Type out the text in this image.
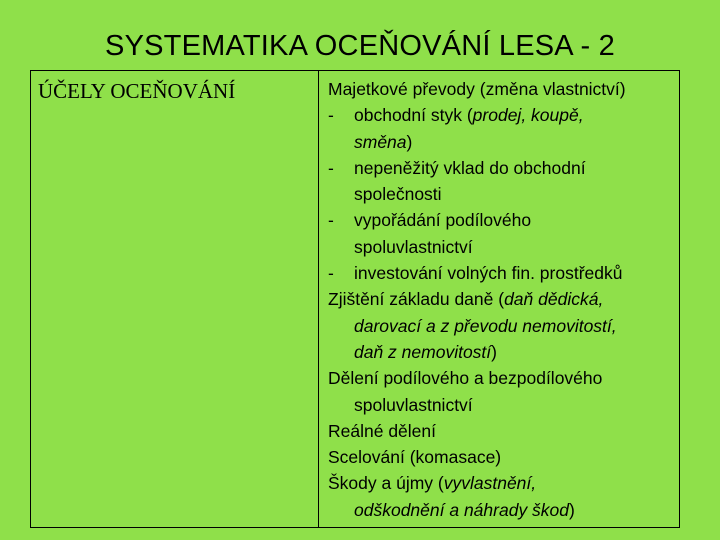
SYSTEMATIKA OCEŇOVÁNÍ LESA - 2
ÚČELY OCEŇOVÁNÍ	Majetkové převody (změna vlastnictví)
- obchodní styk (prodej, koupě,
směna)
- nepeněžitý vklad do obchodní
společnosti
- vypořádání podílového
spoluvlastnictví
- investování volných fin. prostředků
Zjištění základu daně (daň dědická,
darovací a z převodu nemovitostí,
daň z nemovitostí)
Dělení podílového a bezpodílového
spoluvlastnictví
Reálné dělení
Scelování (komasace)
Škody a újmy (vyvlastnění,
odškodnění a náhrady škod)
